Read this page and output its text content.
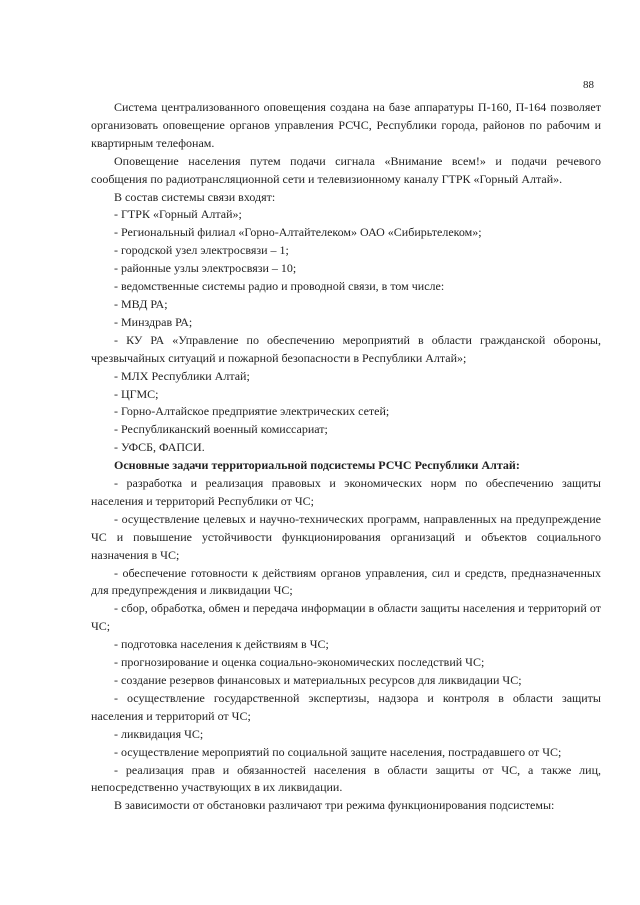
88

Система централизованного оповещения создана на базе аппаратуры П-160, П-164 позволяет организовать оповещение органов управления РСЧС, Республики города, районов по рабочим и квартирным телефонам.

Оповещение населения путем подачи сигнала «Внимание всем!» и подачи речевого сообщения по радиотрансляционной сети и телевизионному каналу ГТРК «Горный Алтай».

В состав системы связи входят:

- ГТРК «Горный Алтай»;

- Региональный филиал «Горно-Алтайтелеком» ОАО «Сибирьтелеком»;

- городской узел электросвязи – 1;

- районные узлы электросвязи – 10;

- ведомственные системы радио и проводной связи, в том числе:

- МВД РА;

- Минздрав РА;

- КУ РА «Управление по обеспечению мероприятий в области гражданской обороны, чрезвычайных ситуаций и пожарной безопасности в Республики Алтай»;

- МЛХ Республики Алтай;

- ЦГМС;

- Горно-Алтайское предприятие электрических сетей;

- Республиканский военный комиссариат;

- УФСБ, ФАПСИ.

Основные задачи территориальной подсистемы РСЧС Республики Алтай:

- разработка и реализация правовых и экономических норм по обеспечению защиты населения и территорий Республики от ЧС;

- осуществление целевых и научно-технических программ, направленных на предупреждение ЧС и повышение устойчивости функционирования организаций и объектов социального назначения в ЧС;

- обеспечение готовности к действиям органов управления, сил и средств, предназначенных для предупреждения и ликвидации ЧС;

- сбор, обработка, обмен и передача информации в области защиты населения и территорий от ЧС;

- подготовка населения к действиям в ЧС;

- прогнозирование и оценка социально-экономических последствий ЧС;

- создание резервов финансовых и материальных ресурсов для ликвидации ЧС;

- осуществление государственной экспертизы, надзора и контроля в области защиты населения и территорий от ЧС;

- ликвидация ЧС;

- осуществление мероприятий по социальной защите населения, пострадавшего от ЧС;

- реализация прав и обязанностей населения в области защиты от ЧС, а также лиц, непосредственно участвующих в их ликвидации.

В зависимости от обстановки различают три режима функционирования подсистемы:
